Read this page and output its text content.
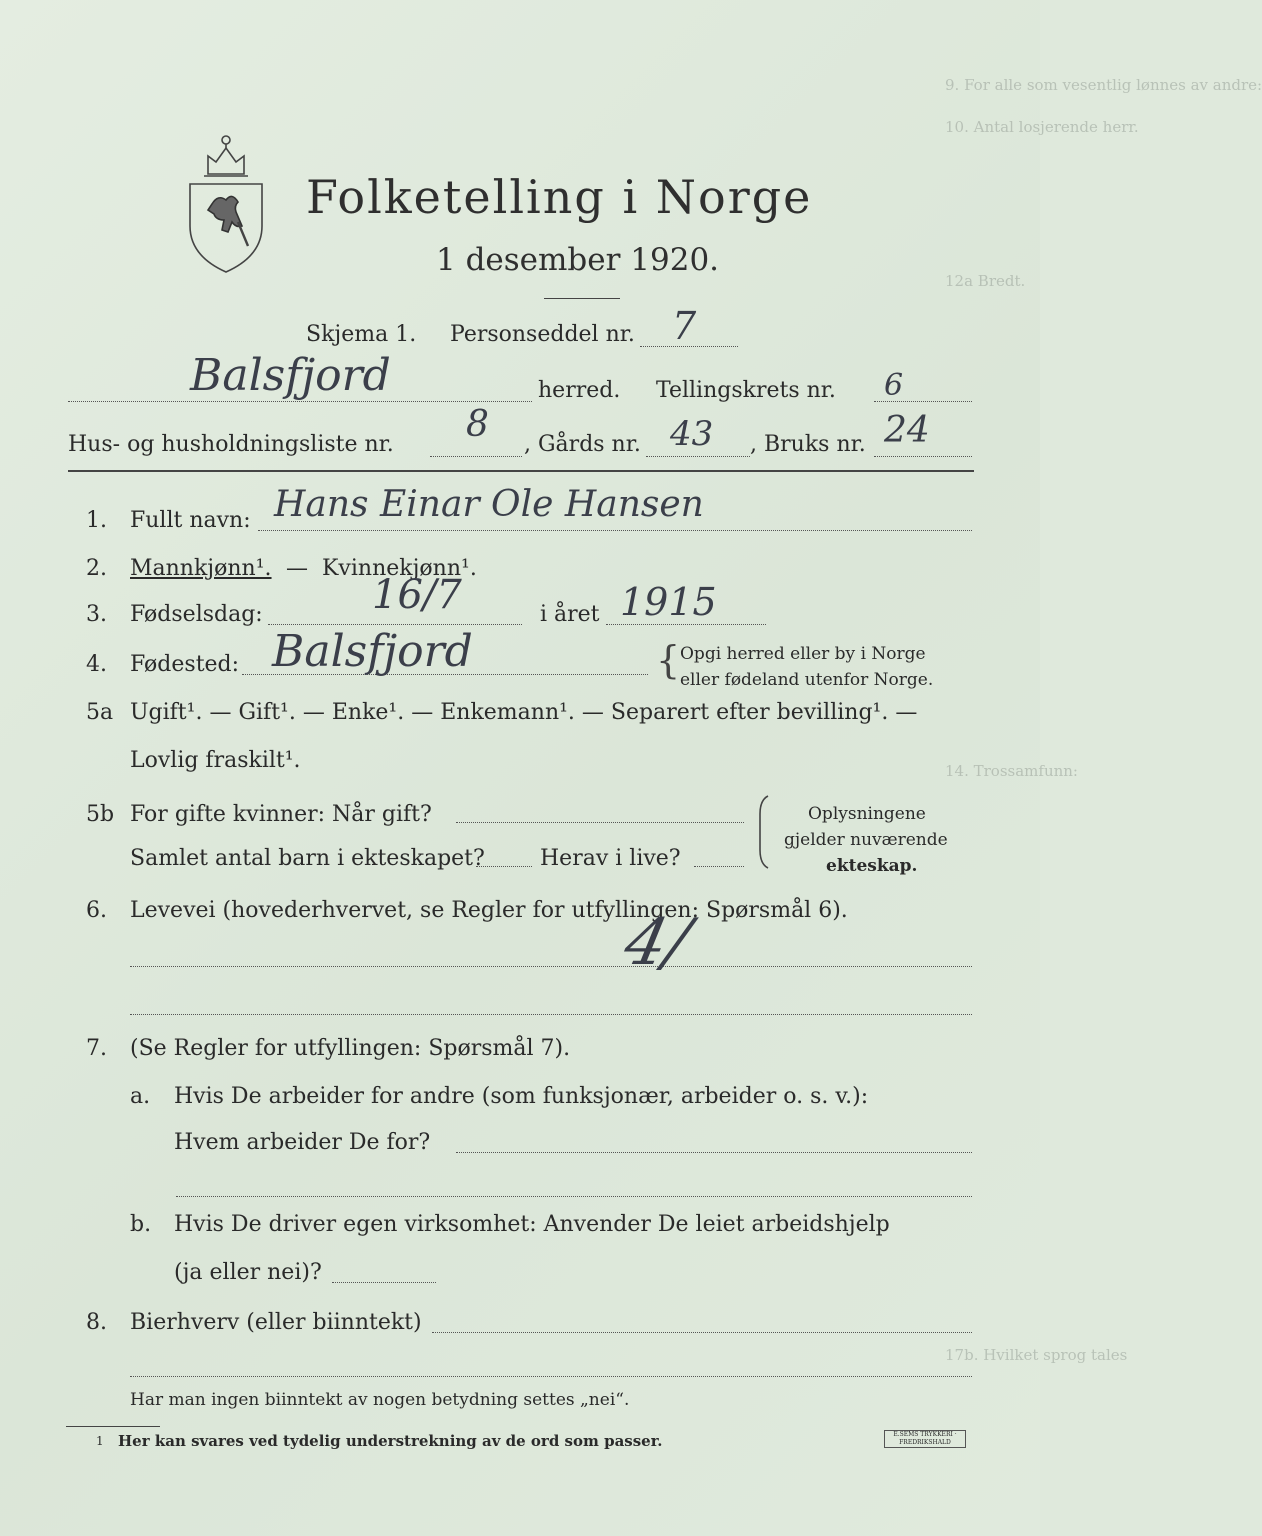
9. For alle som vesentlig lønnes av andre:
10. Antal losjerende herr.
12a Bredt.
14. Trossamfunn:
17b. Hvilket sprog tales
Folketelling i Norge
1 desember 1920.
Skjema 1. Personseddel nr. 7
Balsfjord	herred. Tellingskrets nr. 6
Hus- og husholdningsliste nr. 8 , Gårds nr. 43 , Bruks nr. 24
1. Fullt navn: Hans Einar Ole Hansen
2. Mannkjønn¹. — Kvinnekjønn¹.
3. Fødselsdag:	16/7	i året 1915
4. Fødested: Balsfjord	{ Opgi herred eller by i Norge
eller fødeland utenfor Norge.
5a Ugift¹. — Gift¹. — Enke¹. — Enkemann¹. — Separert efter bevilling¹. —
Lovlig fraskilt¹.
5b For gifte kvinner: Når gift?
Samlet antal barn i ekteskapet?	Herav i live?
Oplysningene
gjelder nuværende
ekteskap.
6. Levevei (hovederhvervet, se Regler for utfyllingen: Spørsmål 6).
4/
7. (Se Regler for utfyllingen: Spørsmål 7).
a. Hvis De arbeider for andre (som funksjonær, arbeider o. s. v.):
Hvem arbeider De for?
b. Hvis De driver egen virksomhet: Anvender De leiet arbeidshjelp
(ja eller nei)?
8. Bierhverv (eller biinntekt)
Har man ingen biinntekt av nogen betydning settes „nei“.
1 Her kan svares ved tydelig understrekning av de ord som passer.	E.SEMS TRYKKERI · FREDRIKSHALD
